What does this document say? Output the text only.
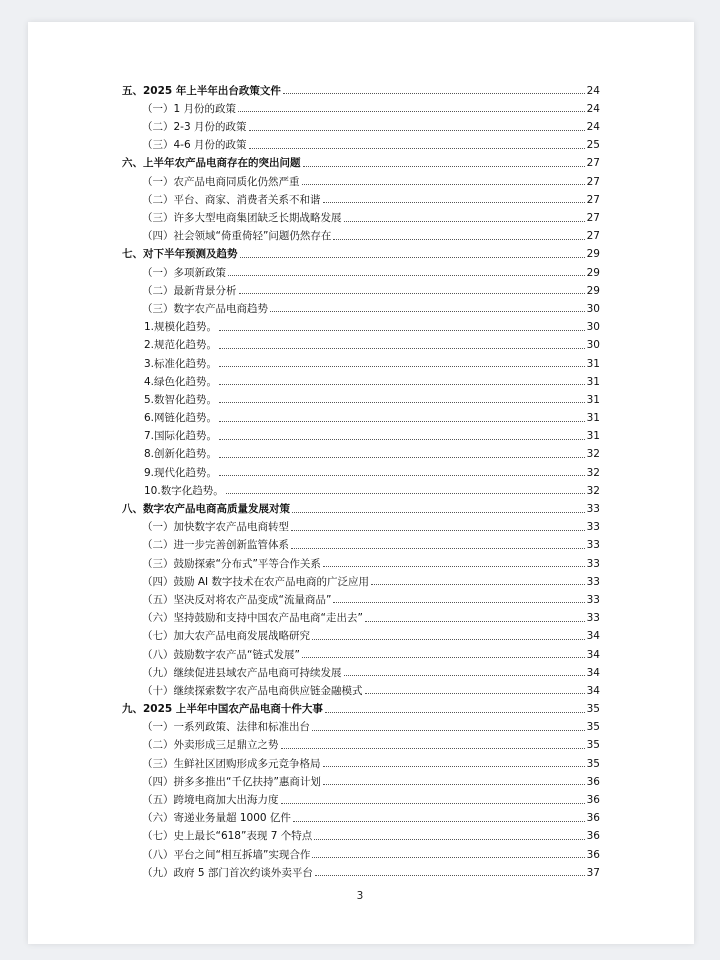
五、2025 年上半年出台政策文件	24
（一）1 月份的政策	24
（二）2-3 月份的政策	24
（三）4-6 月份的政策	25
六、上半年农产品电商存在的突出问题	27
（一）农产品电商同质化仍然严重	27
（二）平台、商家、消费者关系不和谐	27
（三）许多大型电商集团缺乏长期战略发展	27
（四）社会领域“倚重倚轻”问题仍然存在	27
七、对下半年预测及趋势	29
（一）多项新政策	29
（二）最新背景分析	29
（三）数字农产品电商趋势	30
1.规模化趋势。	30
2.规范化趋势。	30
3.标准化趋势。	31
4.绿色化趋势。	31
5.数智化趋势。	31
6.网链化趋势。	31
7.国际化趋势。	31
8.创新化趋势。	32
9.现代化趋势。	32
10.数字化趋势。	32
八、数字农产品电商高质量发展对策	33
（一）加快数字农产品电商转型	33
（二）进一步完善创新监管体系	33
（三）鼓励探索“分布式”平等合作关系	33
（四）鼓励 AI 数字技术在农产品电商的广泛应用	33
（五）坚决反对将农产品变成“流量商品”	33
（六）坚持鼓励和支持中国农产品电商“走出去”	33
（七）加大农产品电商发展战略研究	34
（八）鼓励数字农产品“链式发展”	34
（九）继续促进县域农产品电商可持续发展	34
（十）继续探索数字农产品电商供应链金融模式	34
九、2025 上半年中国农产品电商十件大事	35
（一）一系列政策、法律和标准出台	35
（二）外卖形成三足鼎立之势	35
（三）生鲜社区团购形成多元竞争格局	35
（四）拼多多推出“千亿扶持”惠商计划	36
（五）跨境电商加大出海力度	36
（六）寄递业务量超 1000 亿件	36
（七）史上最长“618”表现 7 个特点	36
（八）平台之间“相互拆墙”实现合作	36
（九）政府 5 部门首次约谈外卖平台	37
3
